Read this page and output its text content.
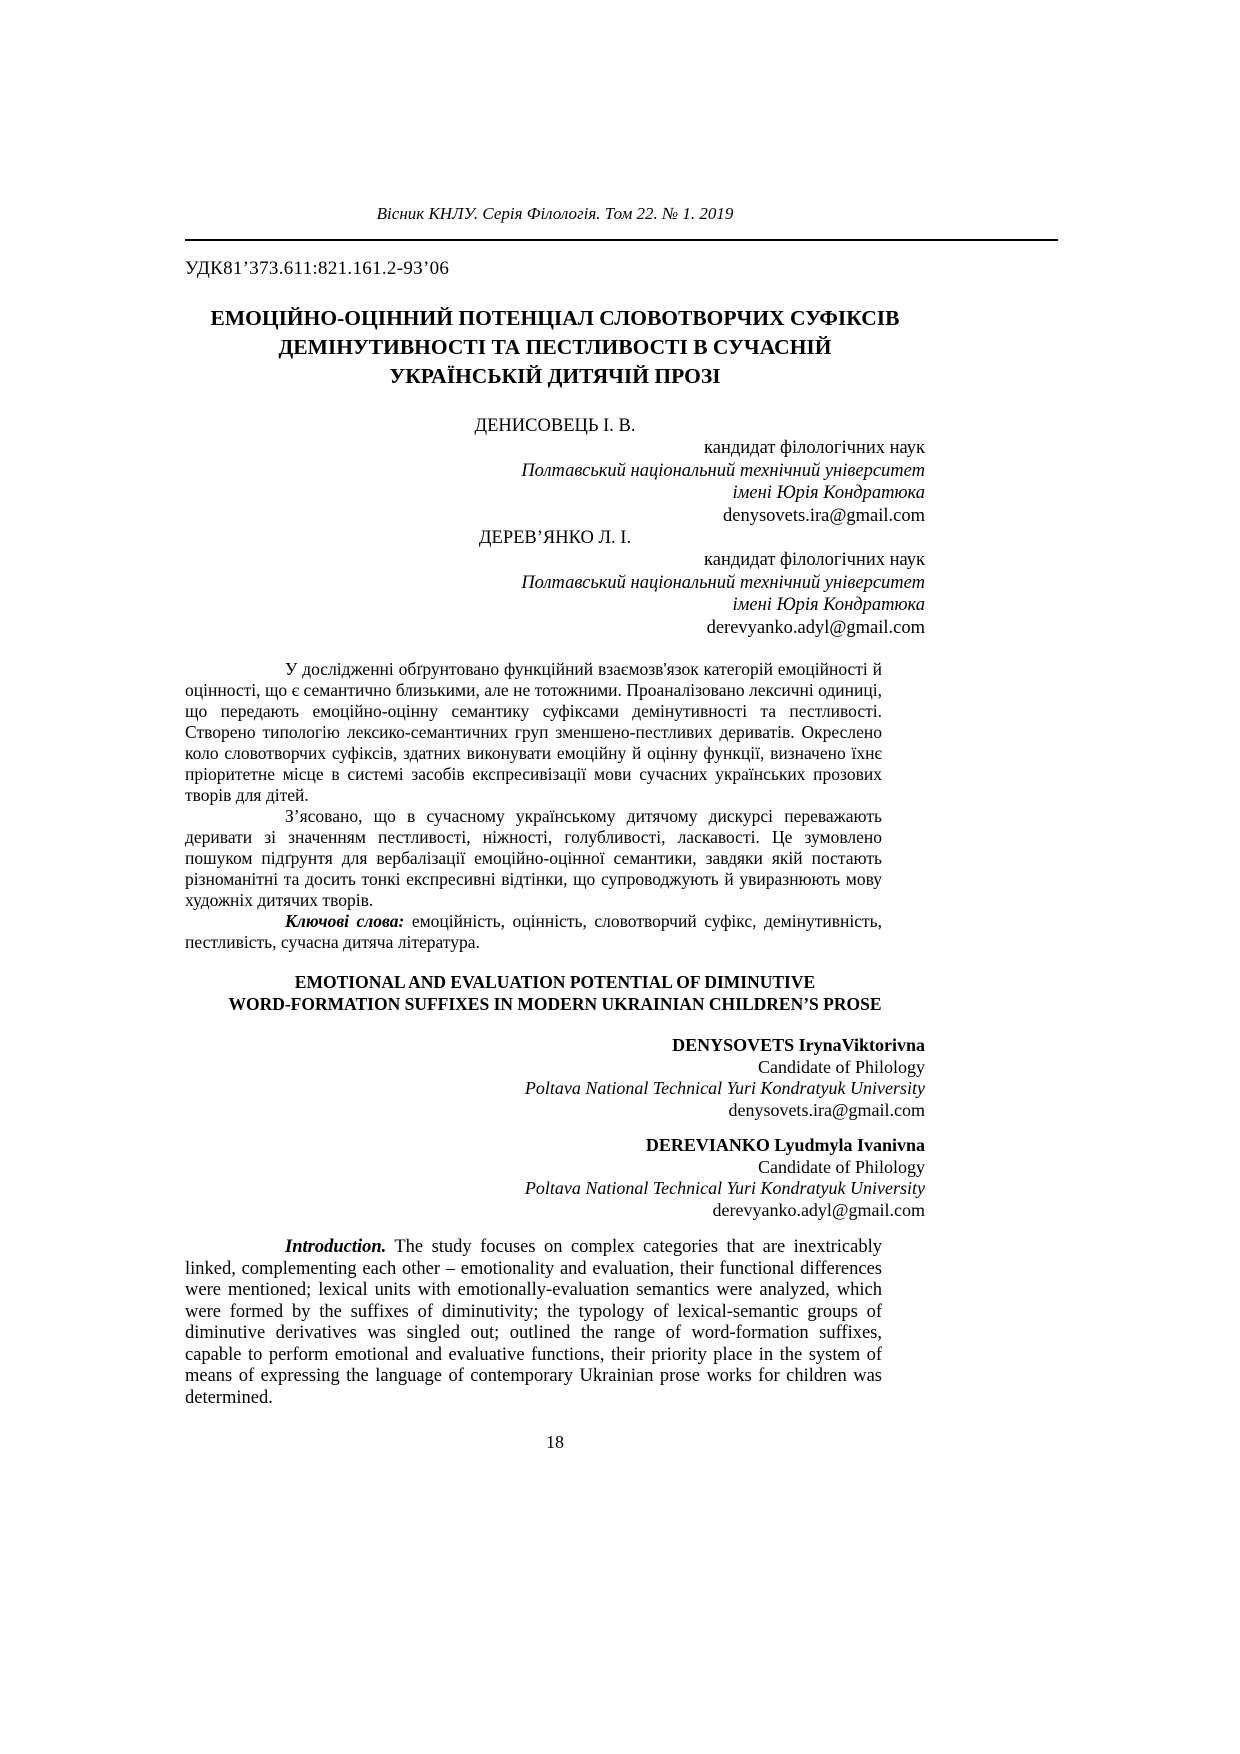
Вісник КНЛУ. Серія Філологія. Том 22. № 1. 2019
УДК81’373.611:821.161.2-93’06
ЕМОЦІЙНО-ОЦІННИЙ ПОТЕНЦІАЛ СЛОВОТВОРЧИХ СУФІКСІВ
ДЕМІНУТИВНОСТІ ТА ПЕСТЛИВОСТІ В СУЧАСНІЙ
УКРАЇНСЬКІЙ ДИТЯЧІЙ ПРОЗІ
ДЕНИСОВЕЦЬ І. В.
кандидат філологічних наук
Полтавський національний технічний університет
імені Юрія Кондратюка
denysovets.ira@gmail.com
ДЕРЕВ’ЯНКО Л. І.
кандидат філологічних наук
Полтавський національний технічний університет
імені Юрія Кондратюка
derevyanko.adyl@gmail.com

У дослідженні обґрунтовано функційний взаємозв'язок категорій емоційності й оцінності, що є семантично близькими, але не тотожними. Проаналізовано лексичні одиниці, що передають емоційно-оцінну семантику суфіксами демінутивності та пестливості. Створено типологію лексико-семантичних груп зменшено-пестливих дериватів. Окреслено коло словотворчих суфіксів, здатних виконувати емоційну й оцінну функції, визначено їхнє пріоритетне місце в системі засобів експресивізації мови сучасних українських прозових творів для дітей.

З’ясовано, що в сучасному українському дитячому дискурсі переважають деривати зі значенням пестливості, ніжності, голубливості, ласкавості. Це зумовлено пошуком підґрунтя для вербалізації емоційно-оцінної семантики, завдяки якій постають різноманітні та досить тонкі експресивні відтінки, що супроводжують й увиразнюють мову художніх дитячих творів.

Ключові слова: емоційність, оцінність, словотворчий суфікс, демінутивність, пестливість, сучасна дитяча література.

EMOTIONAL AND EVALUATION POTENTIAL OF DIMINUTIVE
WORD-FORMATION SUFFIXES IN MODERN UKRAINIAN CHILDREN’S PROSE
DENYSOVETS IrynaViktorivna
Candidate of Philology
Poltava National Technical Yuri Kondratyuk University
denysovets.ira@gmail.com
DEREVIANKO Lyudmyla Ivanivna
Candidate of Philology
Poltava National Technical Yuri Kondratyuk University
derevyanko.adyl@gmail.com

Introduction. The study focuses on complex categories that are inextricably linked, complementing each other – emotionality and evaluation, their functional differences were mentioned; lexical units with emotionally-evaluation semantics were analyzed, which were formed by the suffixes of diminutivity; the typology of lexical-semantic groups of diminutive derivatives was singled out; outlined the range of word-formation suffixes, capable to perform emotional and evaluative functions, their priority place in the system of means of expressing the language of contemporary Ukrainian prose works for children was determined.

18
